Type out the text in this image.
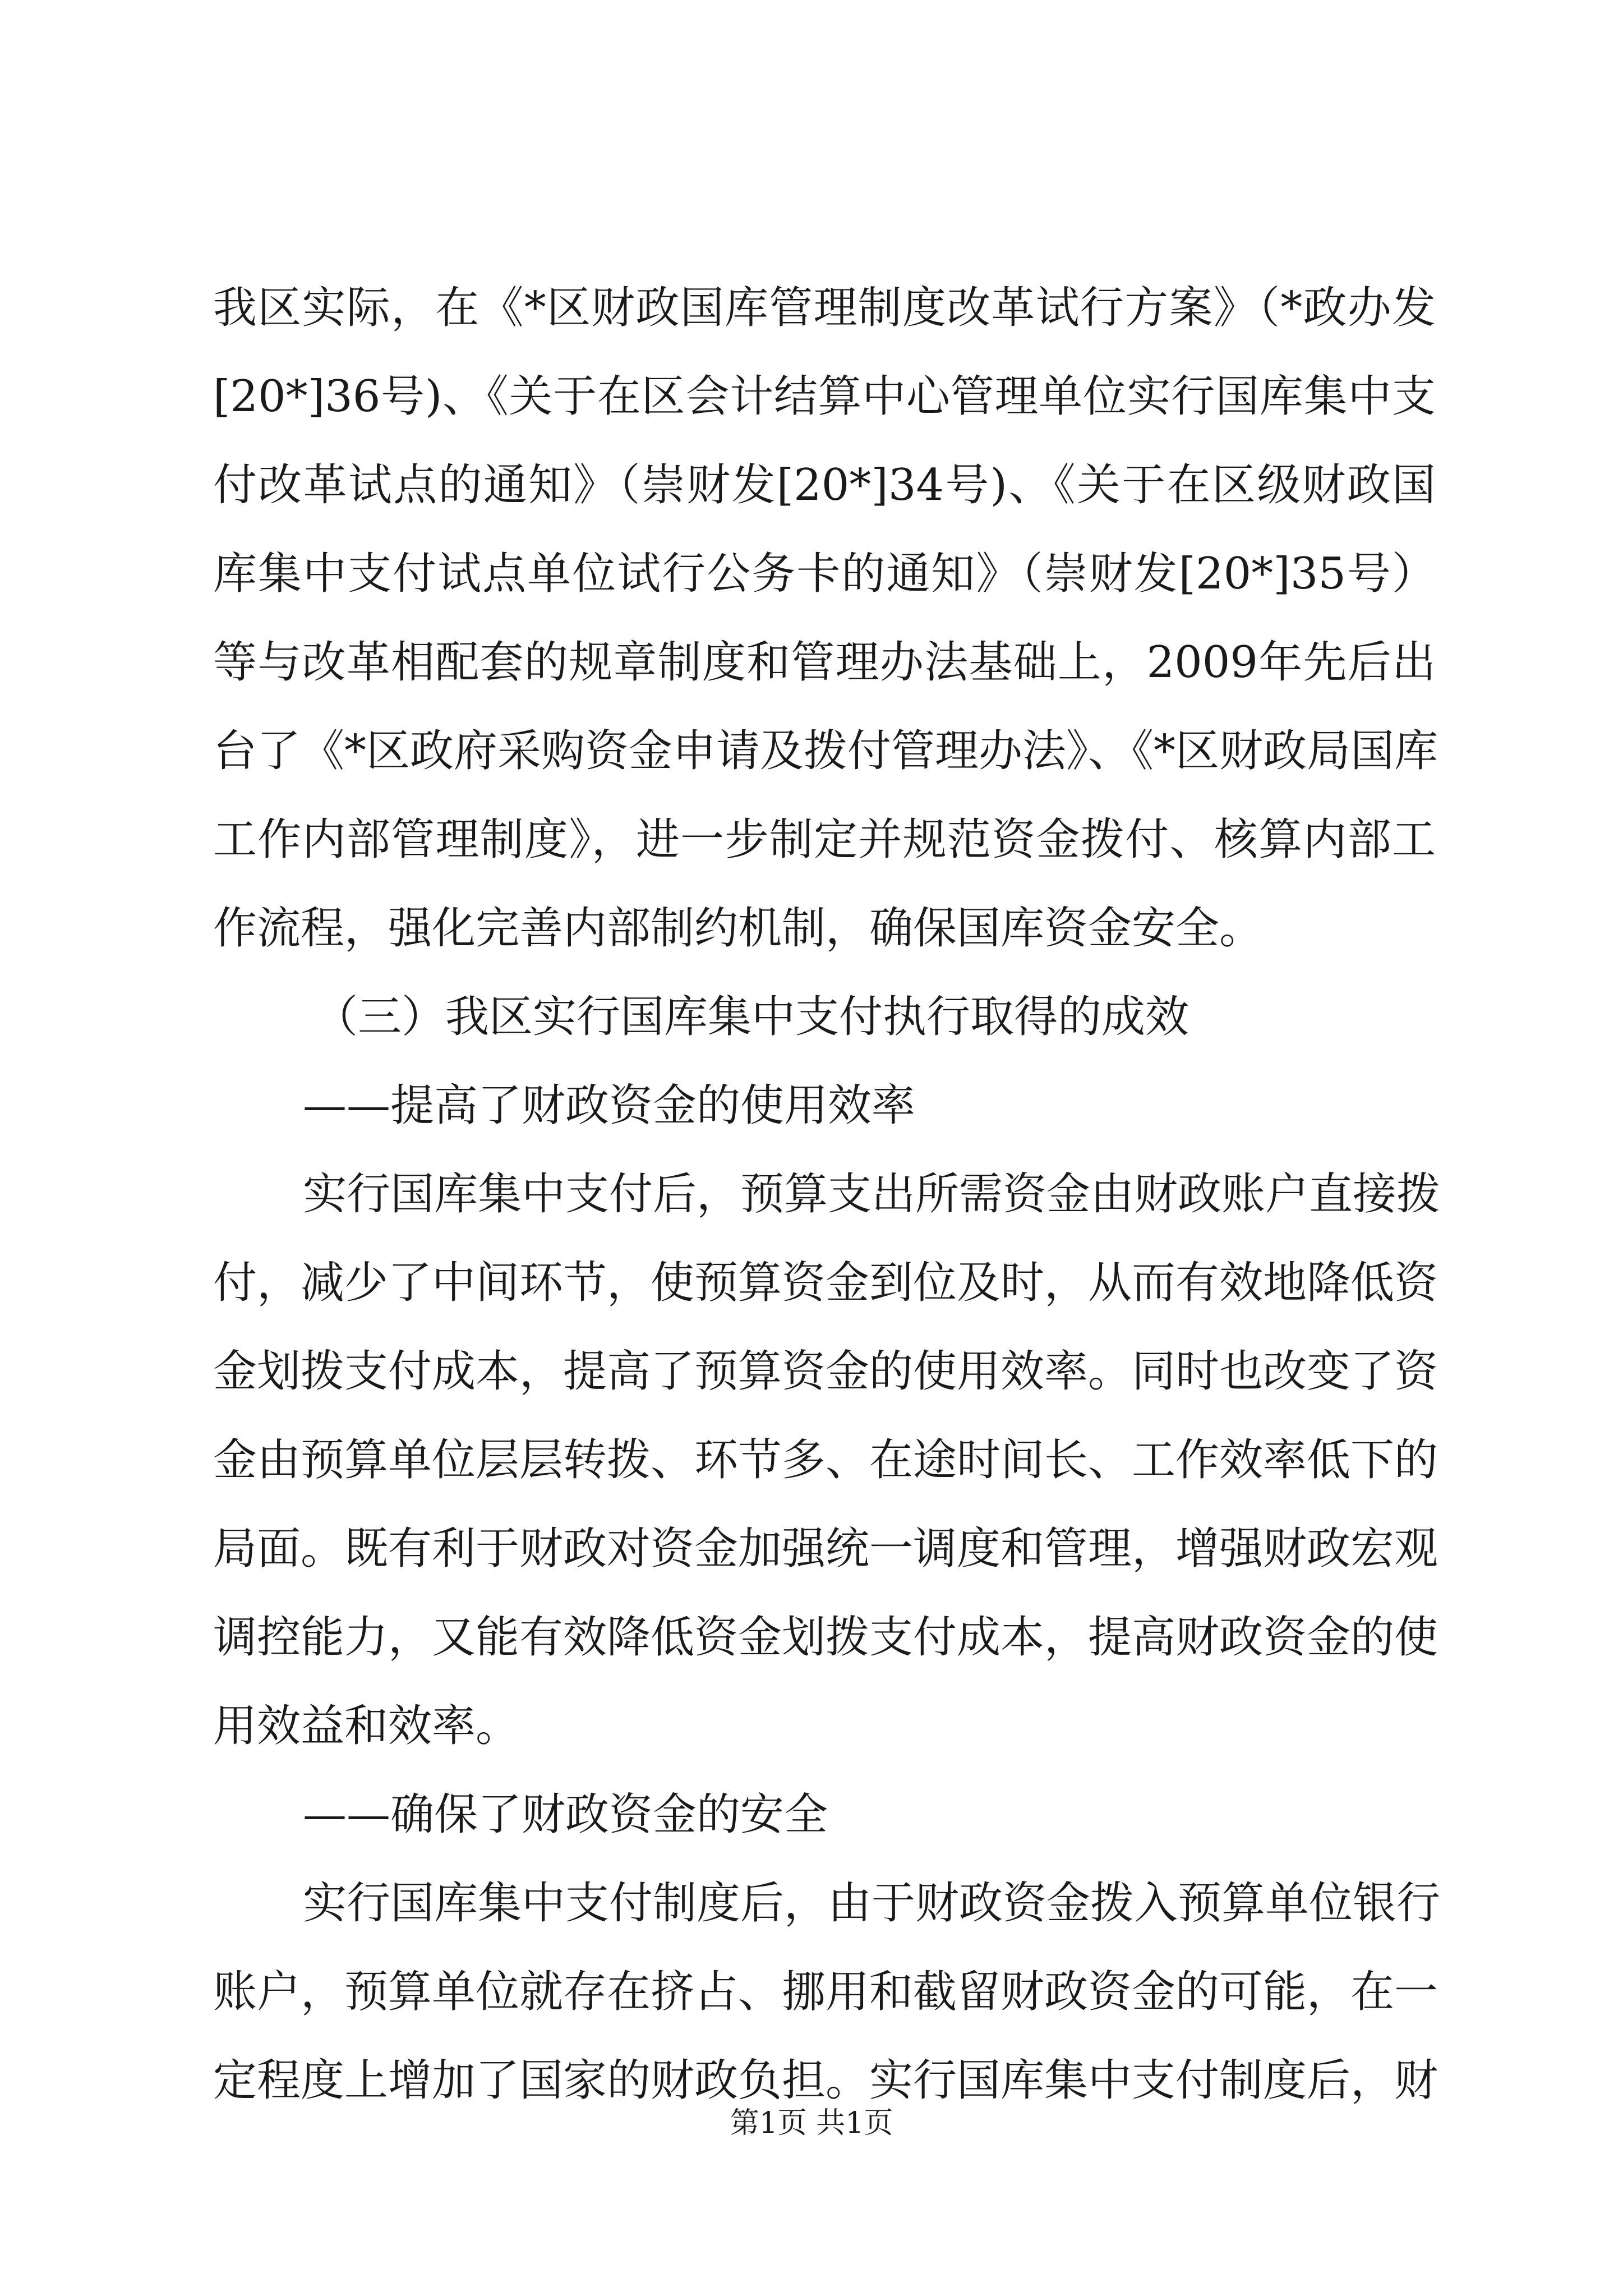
我区实际，在《*区财政国库管理制度改革试行方案》（*政办发
[20*]36号)、《关于在区会计结算中心管理单位实行国库集中支
付改革试点的通知》（崇财发[20*]34号)、《关于在区级财政国
库集中支付试点单位试行公务卡的通知》（崇财发[20*]35号）
等与改革相配套的规章制度和管理办法基础上，2009年先后出
台了《*区政府采购资金申请及拨付管理办法》、《*区财政局国库
工作内部管理制度》，进一步制定并规范资金拨付、核算内部工
作流程，强化完善内部制约机制，确保国库资金安全。
（三）我区实行国库集中支付执行取得的成效
——提高了财政资金的使用效率
实行国库集中支付后，预算支出所需资金由财政账户直接拨
付，减少了中间环节，使预算资金到位及时，从而有效地降低资
金划拨支付成本，提高了预算资金的使用效率。同时也改变了资
金由预算单位层层转拨、环节多、在途时间长、工作效率低下的
局面。既有利于财政对资金加强统一调度和管理，增强财政宏观
调控能力，又能有效降低资金划拨支付成本，提高财政资金的使
用效益和效率。
——确保了财政资金的安全
实行国库集中支付制度后，由于财政资金拨入预算单位银行
账户，预算单位就存在挤占、挪用和截留财政资金的可能，在一
定程度上增加了国家的财政负担。实行国库集中支付制度后，财
第1页 共1页
